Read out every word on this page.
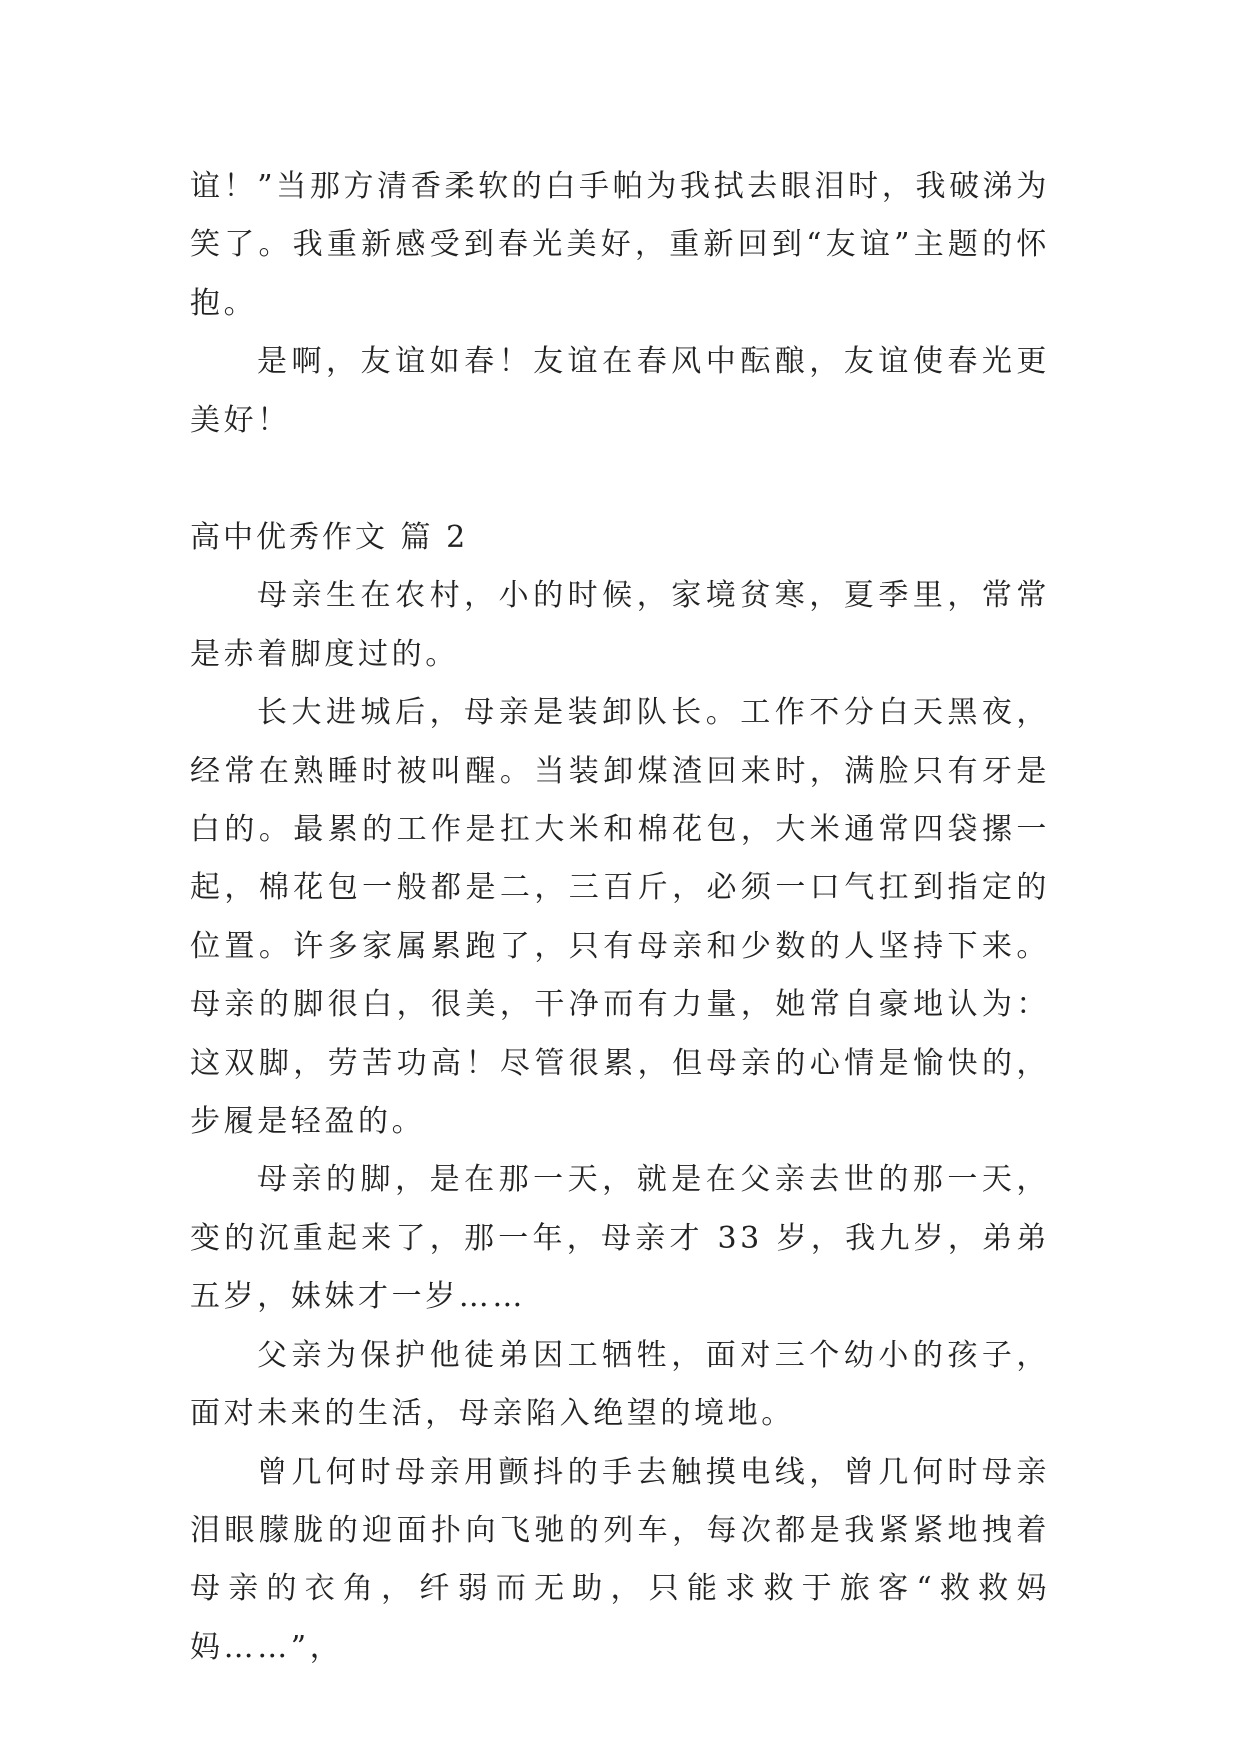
谊！”当那方清香柔软的白手帕为我拭去眼泪时，我破涕为笑了。我重新感受到春光美好，重新回到“友谊”主题的怀抱。

是啊，友谊如春！友谊在春风中酝酿，友谊使春光更美好！

高中优秀作文 篇 2

母亲生在农村，小的时候，家境贫寒，夏季里，常常是赤着脚度过的。

长大进城后，母亲是装卸队长。工作不分白天黑夜，经常在熟睡时被叫醒。当装卸煤渣回来时，满脸只有牙是白的。最累的工作是扛大米和棉花包，大米通常四袋摞一起，棉花包一般都是二，三百斤，必须一口气扛到指定的位置。许多家属累跑了，只有母亲和少数的人坚持下来。母亲的脚很白，很美，干净而有力量，她常自豪地认为：这双脚，劳苦功高！尽管很累，但母亲的心情是愉快的，步履是轻盈的。

母亲的脚，是在那一天，就是在父亲去世的那一天，变的沉重起来了，那一年，母亲才 33 岁，我九岁，弟弟五岁，妹妹才一岁……

父亲为保护他徒弟因工牺牲，面对三个幼小的孩子，面对未来的生活，母亲陷入绝望的境地。

曾几何时母亲用颤抖的手去触摸电线，曾几何时母亲泪眼朦胧的迎面扑向飞驰的列车，每次都是我紧紧地拽着母亲的衣角，纤弱而无助，只能求救于旅客“救救妈妈……”，
